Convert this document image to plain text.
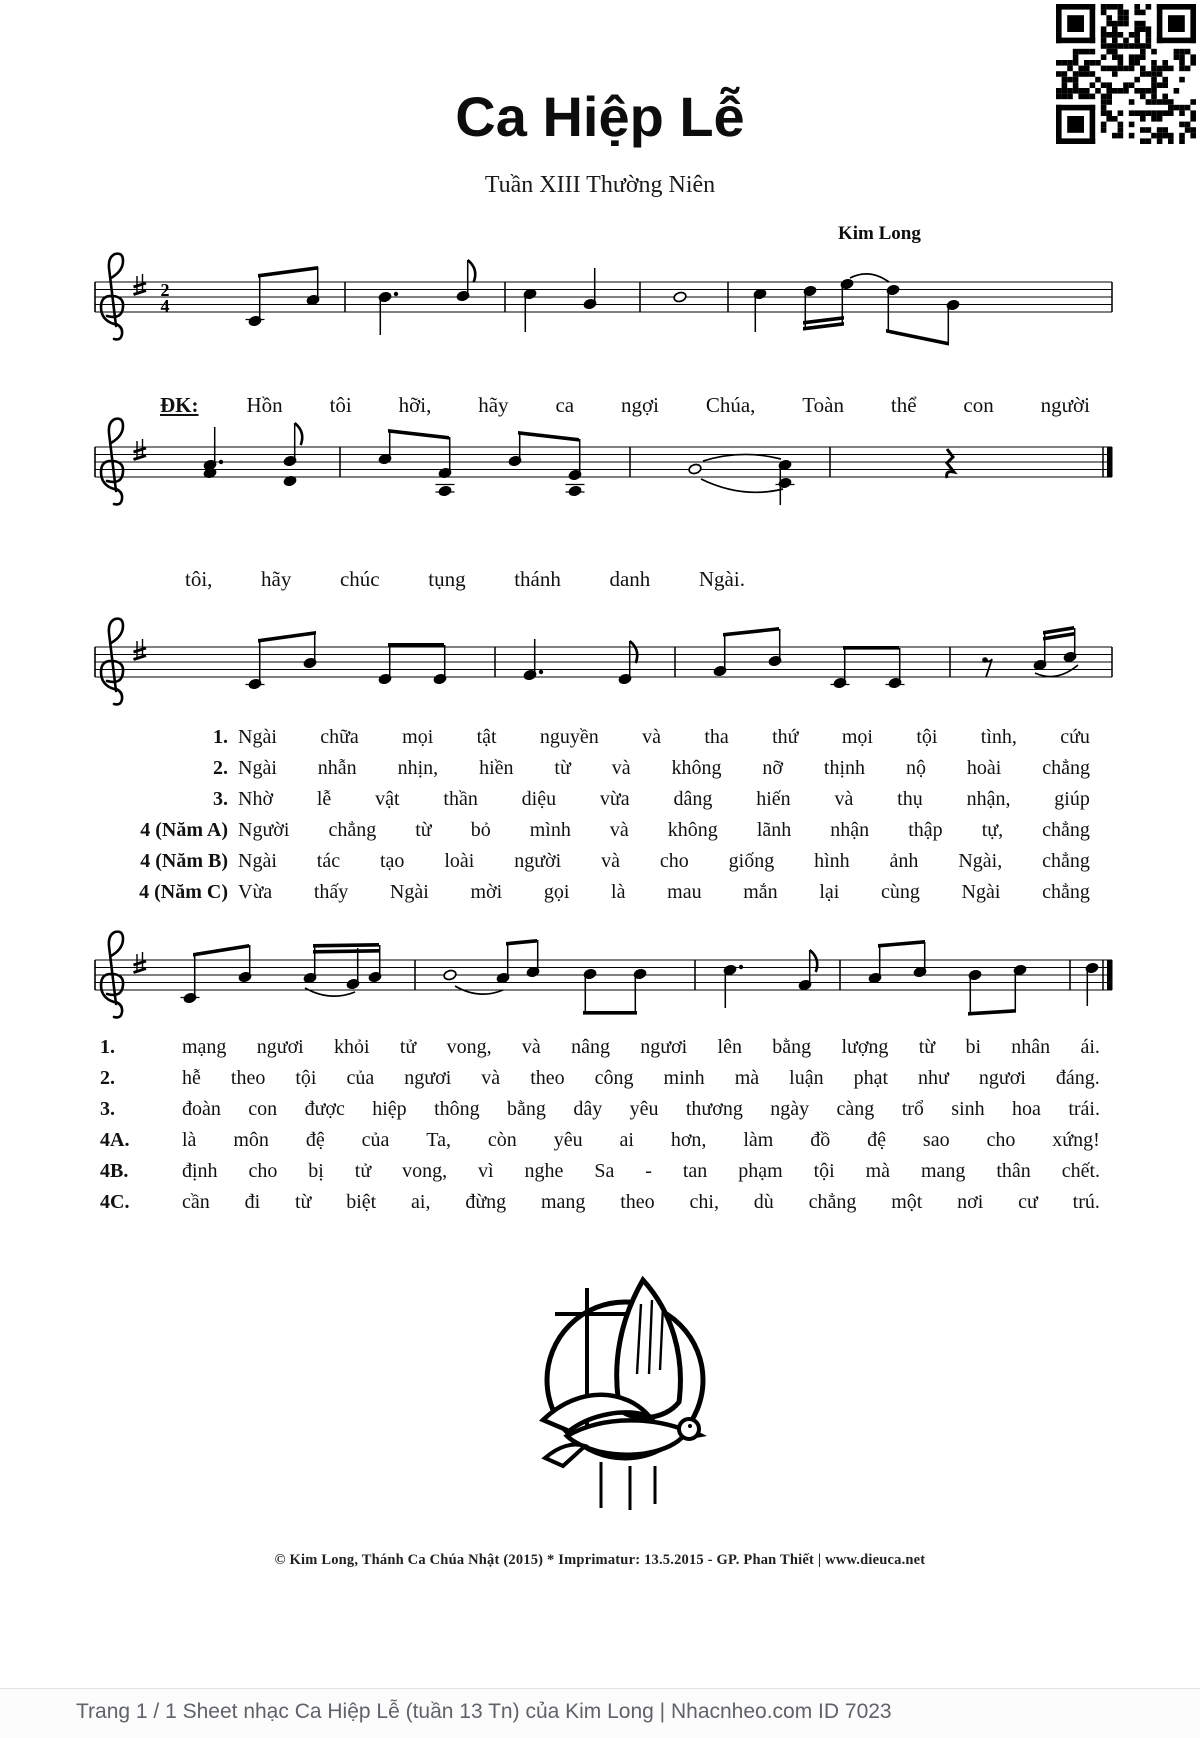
Ca Hiệp Lễ
Tuần XIII Thường Niên
Kim Long
2
4
ĐK: Hồn tôi hỡi, hãy ca ngợi Chúa, Toàn thể con người
tôi, hãy chúc tụng thánh danh Ngài.
1. Ngài chữa mọi tật nguyền và tha thứ mọi tội tình, cứu
2. Ngài nhẫn nhịn, hiền từ và không nỡ thịnh nộ hoài chẳng
3. Nhờ lễ vật thần diệu vừa dâng hiến và thụ nhận, giúp
4 (Năm A) Người chẳng từ bỏ mình và không lãnh nhận thập tự, chẳng
4 (Năm B) Ngài tác tạo loài người và cho giống hình ảnh Ngài, chẳng
4 (Năm C) Vừa thấy Ngài mời gọi là mau mắn lại cùng Ngài chẳng
1.	mạng ngươi khỏi tử vong, và nâng ngươi lên bằng lượng từ bi nhân ái.
2.	hễ theo tội của ngươi và theo công minh mà luận phạt như ngươi đáng.
3.	đoàn con được hiệp thông bằng dây yêu thương ngày càng trổ sinh hoa trái.
4A.	là môn đệ của Ta, còn yêu ai hơn, làm đồ đệ sao cho xứng!
4B.	định cho bị tử vong, vì nghe Sa - tan phạm tội mà mang thân chết.
4C.	cần đi từ biệt ai, đừng mang theo chi, dù chẳng một nơi cư trú.
© Kim Long, Thánh Ca Chúa Nhật (2015) * Imprimatur: 13.5.2015 - GP. Phan Thiết | www.dieuca.net
Trang 1 / 1 Sheet nhạc Ca Hiệp Lễ (tuần 13 Tn) của Kim Long | Nhacnheo.com ID 7023
